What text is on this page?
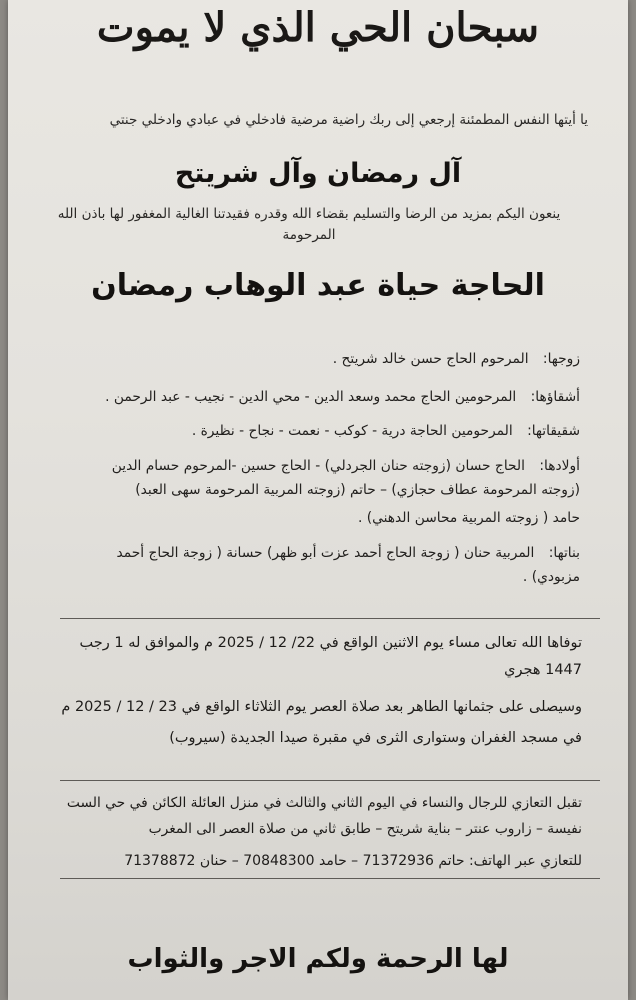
سبحان الحي الذي لا يموت
يا أيتها النفس المطمئنة إرجعي إلى ربك راضية مرضية فادخلي في عبادي وادخلي جنتي
آل رمضان وآل شريتح
ينعون اليكم بمزيد من الرضا والتسليم بقضاء الله وقدره فقيدتنا الغالية المغفور لها باذن الله
المرحومة
الحاجة حياة عبد الوهاب رمضان
زوجها: المرحوم الحاج حسن خالد شريتح .
أشقاؤها: المرحومين الحاج محمد وسعد الدين - محي الدين - نجيب - عبد الرحمن .
شقيقاتها: المرحومين الحاجة درية - كوكب - نعمت - نجاح - نظيرة .
أولادها: الحاج حسان (زوجته حنان الجردلي) - الحاج حسين -المرحوم حسام الدين
(زوجته المرحومة عطاف حجازي) – حاتم (زوجته المربية المرحومة سهى العبد)
حامد ( زوجته المربية محاسن الدهني) .
بناتها: المربية حنان ( زوجة الحاج أحمد عزت أبو ظهر) حسانة ( زوجة الحاج أحمد
مزبودي) .
توفاها الله تعالى مساء يوم الاثنين الواقع في 22/ 12 / 2025 م والموافق له 1 رجب
1447 هجري
وسيصلى على جثمانها الطاهر بعد صلاة العصر يوم الثلاثاء الواقع في 23 / 12 / 2025 م
في مسجد الغفران وستوارى الثرى في مقبرة صيدا الجديدة (سيروب)
تقبل التعازي للرجال والنساء في اليوم الثاني والثالث في منزل العائلة الكائن في حي الست
نفيسة – زاروب عنتر – بناية شريتح – طابق ثاني من صلاة العصر الى المغرب
للتعازي عبر الهاتف: حاتم 71372936 – حامد 70848300 – حنان 71378872
لها الرحمة ولكم الاجر والثواب
